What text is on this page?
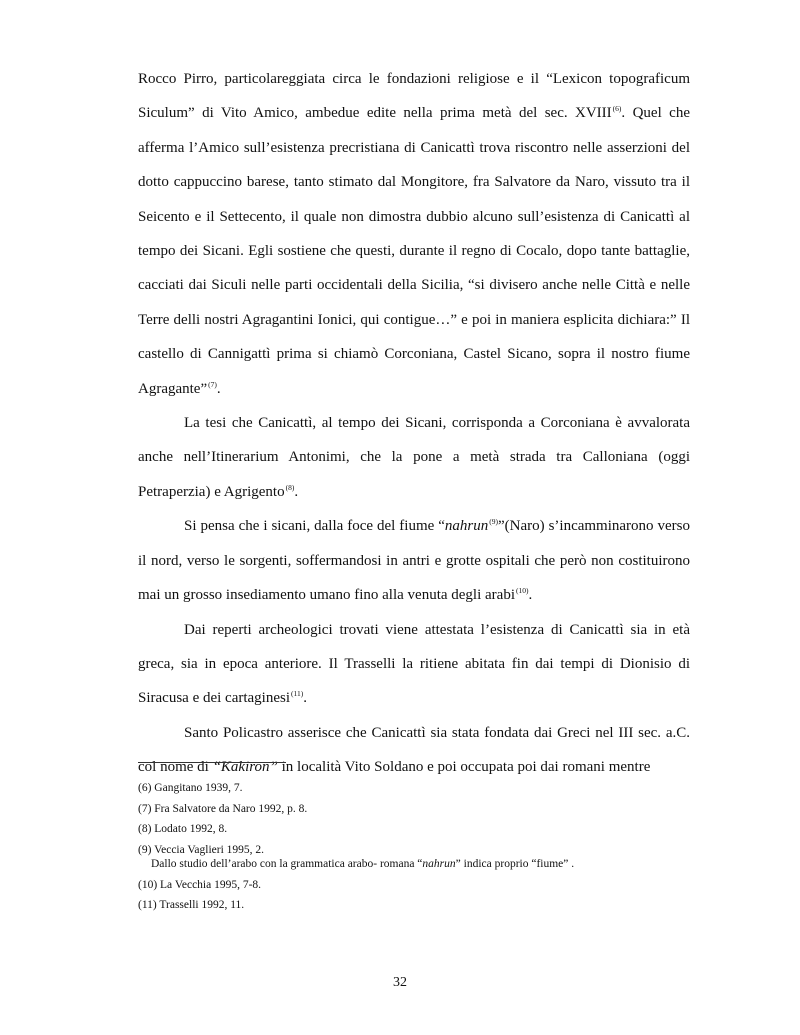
Rocco Pirro, particolareggiata circa le fondazioni religiose e il “Lexicon topograficum Siculum” di Vito Amico, ambedue edite nella prima metà del sec. XVIII$^{(6)}$. Quel che afferma l’Amico sull’esistenza precristiana di Canicattì trova riscontro nelle asserzioni del dotto cappuccino barese, tanto stimato dal Mongitore, fra Salvatore da Naro, vissuto tra il Seicento e il Settecento, il quale non dimostra dubbio alcuno sull’esistenza di Canicattì al tempo dei Sicani. Egli sostiene che questi, durante il regno di Cocalo, dopo tante battaglie, cacciati dai Siculi nelle parti occidentali della Sicilia, “si divisero anche nelle Città e nelle Terre delli nostri Agragantini Ionici, qui contigue…” e poi in maniera esplicita dichiara:” Il castello di Cannigattì prima si chiamò Corconiana, Castel Sicano, sopra il nostro fiume Agragante”$^{(7)}$.

La tesi che Canicattì, al tempo dei Sicani, corrisponda a Corconiana è avvalorata anche nell’Itinerarium Antonimi, che la pone a metà strada tra Calloniana (oggi Petraperzia) e Agrigento$^{(8)}$.

Si pensa che i sicani, dalla foce del fiume “nahrun$^{(9)}$”(Naro) s’incamminarono verso il nord, verso le sorgenti, soffermandosi in antri e grotte ospitali che però non costituirono mai un grosso insediamento umano fino alla venuta degli arabi$^{(10)}$.

Dai reperti archeologici trovati viene attestata l’esistenza di Canicattì sia in età greca, sia in epoca anteriore. Il Trasselli la ritiene abitata fin dai tempi di Dionisio di Siracusa e dei cartaginesi$^{(11)}$.

Santo Policastro asserisce che Canicattì sia stata fondata dai Greci nel III sec. a.C. col nome di “Kakiron” in località Vito Soldano e poi occupata poi dai romani mentre

(6) Gangitano 1939, 7.
(7) Fra Salvatore da Naro 1992, p. 8.
(8) Lodato 1992, 8.
(9) Veccia Vaglieri 1995, 2.
Dallo studio dell’arabo con la grammatica arabo- romana “nahrun” indica proprio “fiume” .
(10) La Vecchia 1995, 7-8.
(11) Trasselli 1992, 11.
32
